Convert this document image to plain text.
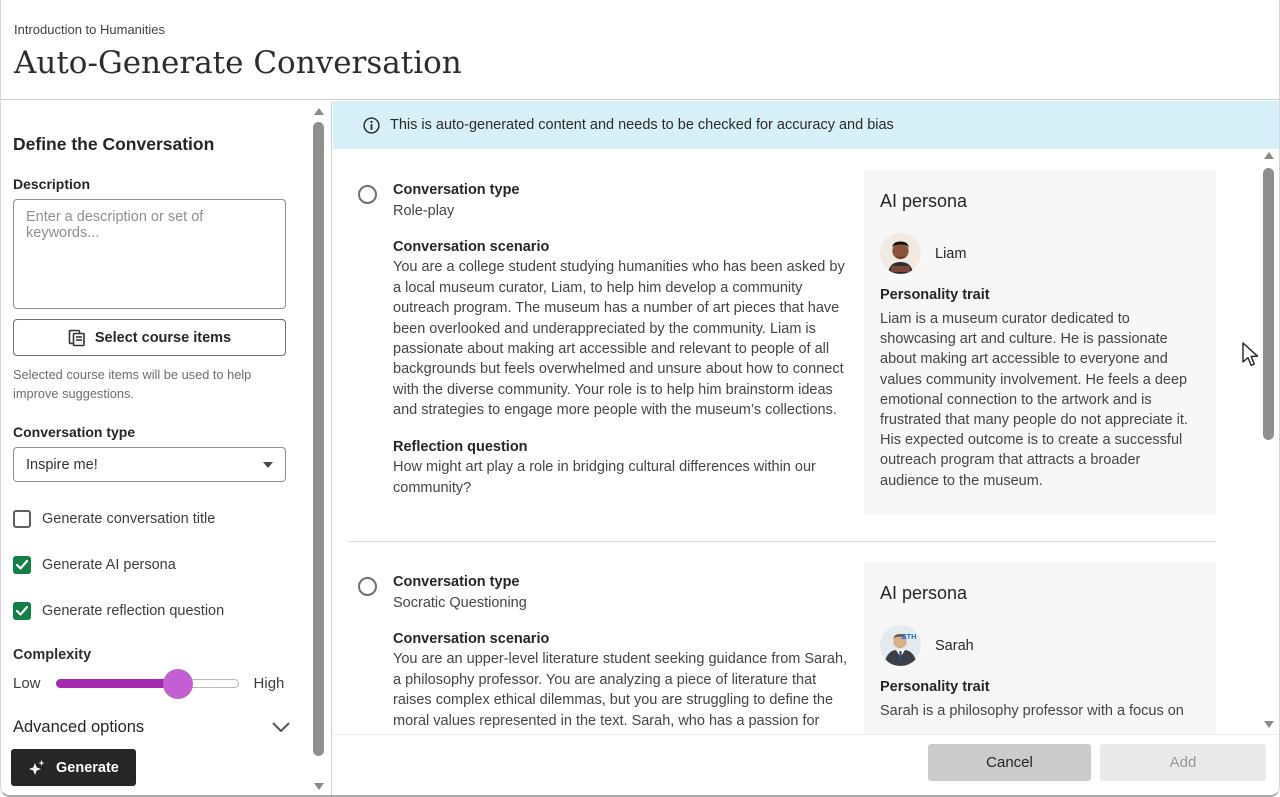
Introduction to Humanities
Auto-Generate Conversation
Define the Conversation
Description
Enter a description or set of keywords...
Select course items
Selected course items will be used to help improve suggestions.
Conversation type
Inspire me!
Generate conversation title
Generate AI persona
Generate reflection question
Complexity
Low	High
Advanced options
Generate
This is auto-generated content and needs to be checked for accuracy and bias
Conversation type
Role-play
Conversation scenario
You are a college student studying humanities who has been asked by a local museum curator, Liam, to help him develop a community outreach program. The museum has a number of art pieces that have been overlooked and underappreciated by the community. Liam is passionate about making art accessible and relevant to people of all backgrounds but feels overwhelmed and unsure about how to connect with the diverse community. Your role is to help him brainstorm ideas and strategies to engage more people with the museum’s collections.
Reflection question
How might art play a role in bridging cultural differences within our community?
AI persona
Liam
Personality trait
Liam is a museum curator dedicated to showcasing art and culture. He is passionate about making art accessible to everyone and values community involvement. He feels a deep emotional connection to the artwork and is frustrated that many people do not appreciate it. His expected outcome is to create a successful outreach program that attracts a broader audience to the museum.
Conversation type
Socratic Questioning
Conversation scenario
You are an upper-level literature student seeking guidance from Sarah, a philosophy professor. You are analyzing a piece of literature that raises complex ethical dilemmas, but you are struggling to define the moral values represented in the text. Sarah, who has a passion for
AI persona
ETH
Sarah
Personality trait
Sarah is a philosophy professor with a focus on
Cancel	Add
